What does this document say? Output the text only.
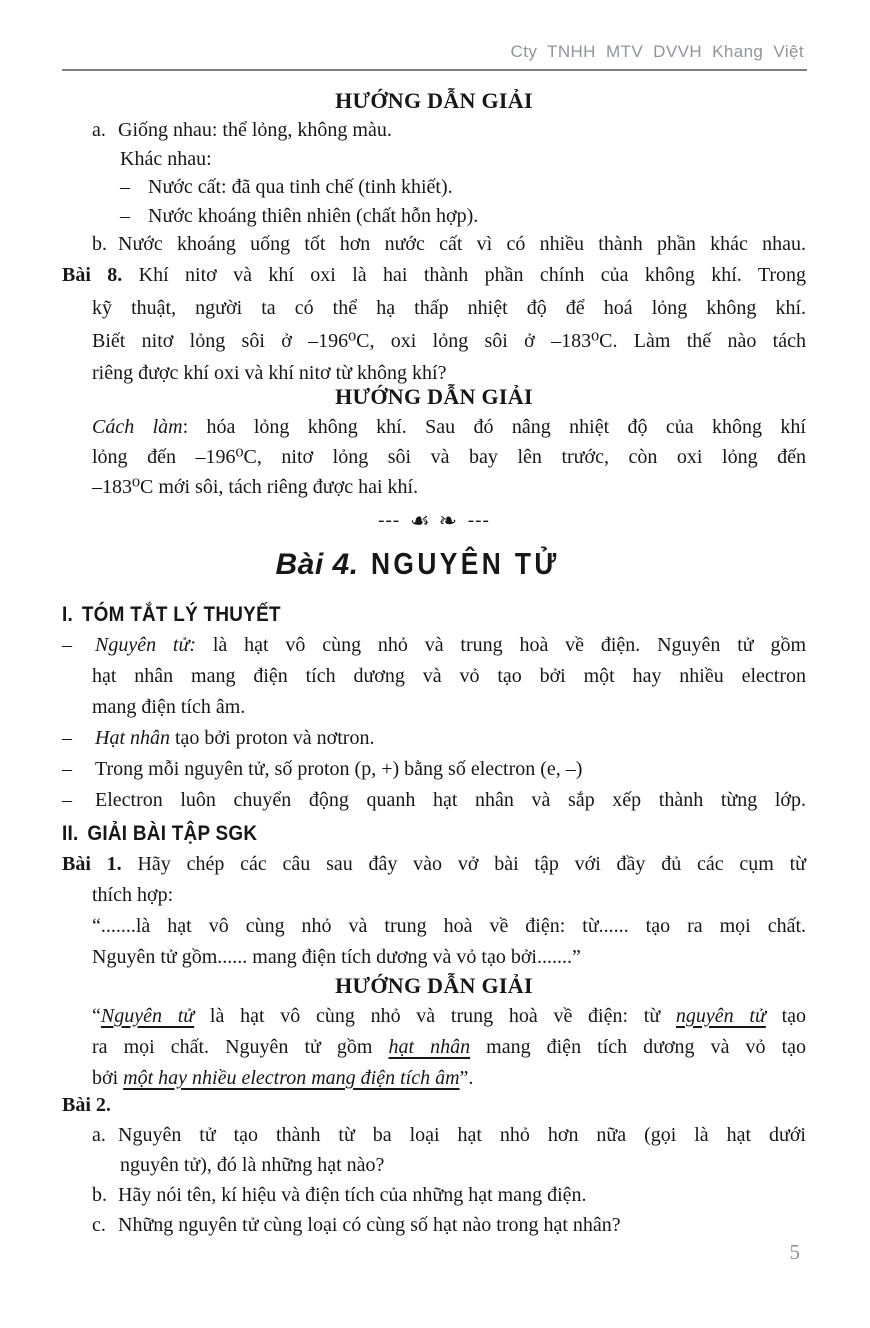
Cty TNHH MTV DVVH Khang Việt
HƯỚNG DẪN GIẢI
a. Giống nhau: thể lỏng, không màu.
Khác nhau:
– Nước cất: đã qua tinh chế (tinh khiết).
– Nước khoáng thiên nhiên (chất hỗn hợp).
b. Nước khoáng uống tốt hơn nước cất vì có nhiều thành phần khác nhau.
Bài 8. Khí nitơ và khí oxi là hai thành phần chính của không khí. Trong
kỹ thuật, người ta có thể hạ thấp nhiệt độ để hoá lỏng không khí.
Biết nitơ lỏng sôi ở –196⁰C, oxi lỏng sôi ở –183⁰C. Làm thế nào tách
riêng được khí oxi và khí nitơ từ không khí?
HƯỚNG DẪN GIẢI
Cách làm: hóa lỏng không khí. Sau đó nâng nhiệt độ của không khí
lỏng đến –196⁰C, nitơ lỏng sôi và bay lên trước, còn oxi lỏng đến
–183⁰C mới sôi, tách riêng được hai khí.
--- ☙ ❧ ---
Bài 4. NGUYÊN TỬ
I. TÓM TẮT LÝ THUYẾT
– Nguyên tử: là hạt vô cùng nhỏ và trung hoà về điện. Nguyên tử gồm
hạt nhân mang điện tích dương và vỏ tạo bởi một hay nhiều electron
mang điện tích âm.
– Hạt nhân tạo bởi proton và nơtron.
– Trong mỗi nguyên tử, số proton (p, +) bằng số electron (e, –)
– Electron luôn chuyển động quanh hạt nhân và sắp xếp thành từng lớp.
II. GIẢI BÀI TẬP SGK
Bài 1. Hãy chép các câu sau đây vào vở bài tập với đầy đủ các cụm từ
thích hợp:
“.......là hạt vô cùng nhỏ và trung hoà về điện: từ...... tạo ra mọi chất.
Nguyên tử gồm...... mang điện tích dương và vỏ tạo bởi.......”
HƯỚNG DẪN GIẢI
“Nguyên tử là hạt vô cùng nhỏ và trung hoà về điện: từ nguyên tử tạo
ra mọi chất. Nguyên tử gồm hạt nhân mang điện tích dương và vỏ tạo
bởi một hay nhiều electron mang điện tích âm”.
Bài 2.
a. Nguyên tử tạo thành từ ba loại hạt nhỏ hơn nữa (gọi là hạt dưới
nguyên tử), đó là những hạt nào?
b. Hãy nói tên, kí hiệu và điện tích của những hạt mang điện.
c. Những nguyên tử cùng loại có cùng số hạt nào trong hạt nhân?
5
